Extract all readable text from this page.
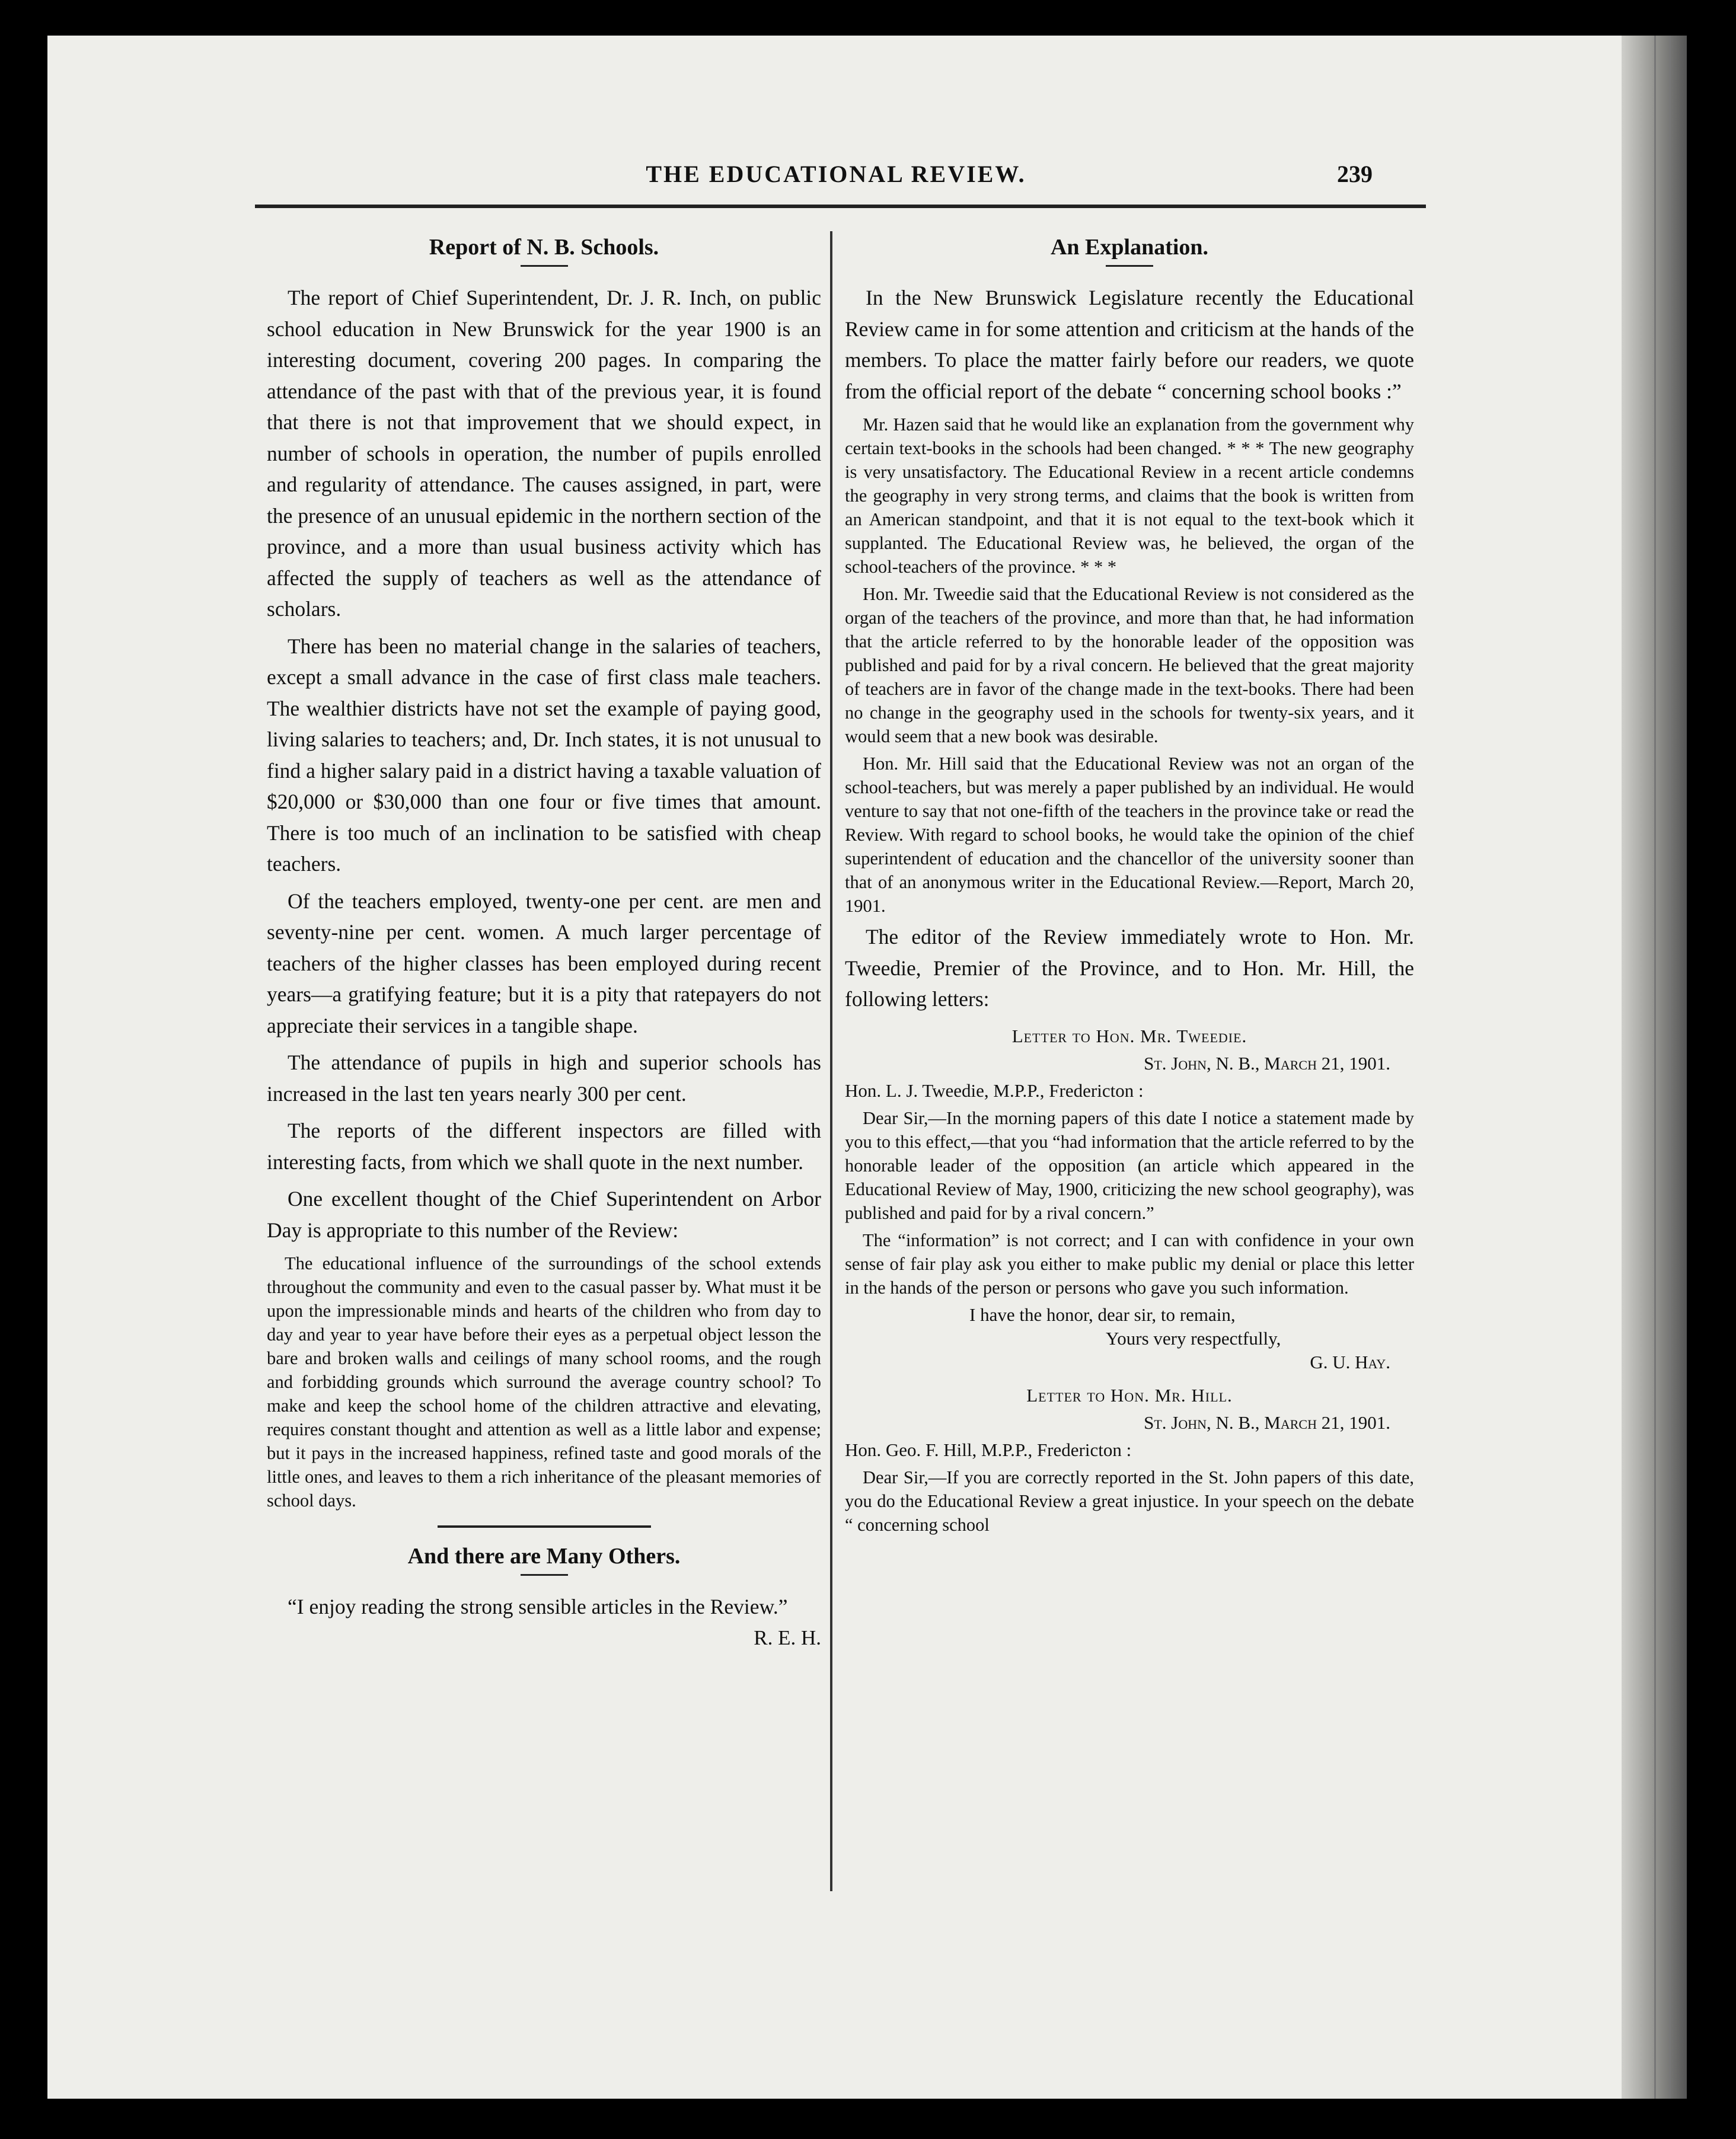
THE EDUCATIONAL REVIEW.	239
Report of N. B. Schools.

The report of Chief Superintendent, Dr. J. R. Inch, on public school education in New Brunswick for the year 1900 is an interesting document, covering 200 pages. In comparing the attendance of the past with that of the previous year, it is found that there is not that improvement that we should expect, in number of schools in operation, the number of pupils enrolled and regularity of attendance. The causes assigned, in part, were the presence of an unusual epidemic in the northern section of the province, and a more than usual business activity which has affected the supply of teachers as well as the attendance of scholars.

There has been no material change in the salaries of teachers, except a small advance in the case of first class male teachers. The wealthier districts have not set the example of paying good, living salaries to teachers; and, Dr. Inch states, it is not unusual to find a higher salary paid in a district having a taxable valuation of $20,000 or $30,000 than one four or five times that amount. There is too much of an inclination to be satisfied with cheap teachers.

Of the teachers employed, twenty-one per cent. are men and seventy-nine per cent. women. A much larger percentage of teachers of the higher classes has been employed during recent years—a gratifying feature; but it is a pity that ratepayers do not appreciate their services in a tangible shape.

The attendance of pupils in high and superior schools has increased in the last ten years nearly 300 per cent.

The reports of the different inspectors are filled with interesting facts, from which we shall quote in the next number.

One excellent thought of the Chief Superintendent on Arbor Day is appropriate to this number of the Review:

The educational influence of the surroundings of the school extends throughout the community and even to the casual passer by. What must it be upon the impressionable minds and hearts of the children who from day to day and year to year have before their eyes as a perpetual object lesson the bare and broken walls and ceilings of many school rooms, and the rough and forbidding grounds which surround the average country school? To make and keep the school home of the children attractive and elevating, requires constant thought and attention as well as a little labor and expense; but it pays in the increased happiness, refined taste and good morals of the little ones, and leaves to them a rich inheritance of the pleasant memories of school days.

And there are Many Others.

“I enjoy reading the strong sensible articles in the Review.”

R. E. H.
An Explanation.

In the New Brunswick Legislature recently the Educational Review came in for some attention and criticism at the hands of the members. To place the matter fairly before our readers, we quote from the official report of the debate “ concerning school books :”

Mr. Hazen said that he would like an explanation from the government why certain text-books in the schools had been changed. * * * The new geography is very unsatisfactory. The Educational Review in a recent article condemns the geography in very strong terms, and claims that the book is written from an American standpoint, and that it is not equal to the text-book which it supplanted. The Educational Review was, he believed, the organ of the school-teachers of the province. * * *

Hon. Mr. Tweedie said that the Educational Review is not considered as the organ of the teachers of the province, and more than that, he had information that the article referred to by the honorable leader of the opposition was published and paid for by a rival concern. He believed that the great majority of teachers are in favor of the change made in the text-books. There had been no change in the geography used in the schools for twenty-six years, and it would seem that a new book was desirable.

Hon. Mr. Hill said that the Educational Review was not an organ of the school-teachers, but was merely a paper published by an individual. He would venture to say that not one-fifth of the teachers in the province take or read the Review. With regard to school books, he would take the opinion of the chief superintendent of education and the chancellor of the university sooner than that of an anonymous writer in the Educational Review.—Report, March 20, 1901.

The editor of the Review immediately wrote to Hon. Mr. Tweedie, Premier of the Province, and to Hon. Mr. Hill, the following letters:

Letter to Hon. Mr. Tweedie.
St. John, N. B., March 21, 1901.
Hon. L. J. Tweedie, M.P.P., Fredericton :

Dear Sir,—In the morning papers of this date I notice a statement made by you to this effect,—that you “had information that the article referred to by the honorable leader of the opposition (an article which appeared in the Educational Review of May, 1900, criticizing the new school geography), was published and paid for by a rival concern.”

The “information” is not correct; and I can with confidence in your own sense of fair play ask you either to make public my denial or place this letter in the hands of the person or persons who gave you such information.

I have the honor, dear sir, to remain,
Yours very respectfully,
G. U. Hay.
Letter to Hon. Mr. Hill.
St. John, N. B., March 21, 1901.
Hon. Geo. F. Hill, M.P.P., Fredericton :

Dear Sir,—If you are correctly reported in the St. John papers of this date, you do the Educational Review a great injustice. In your speech on the debate “ concerning school
